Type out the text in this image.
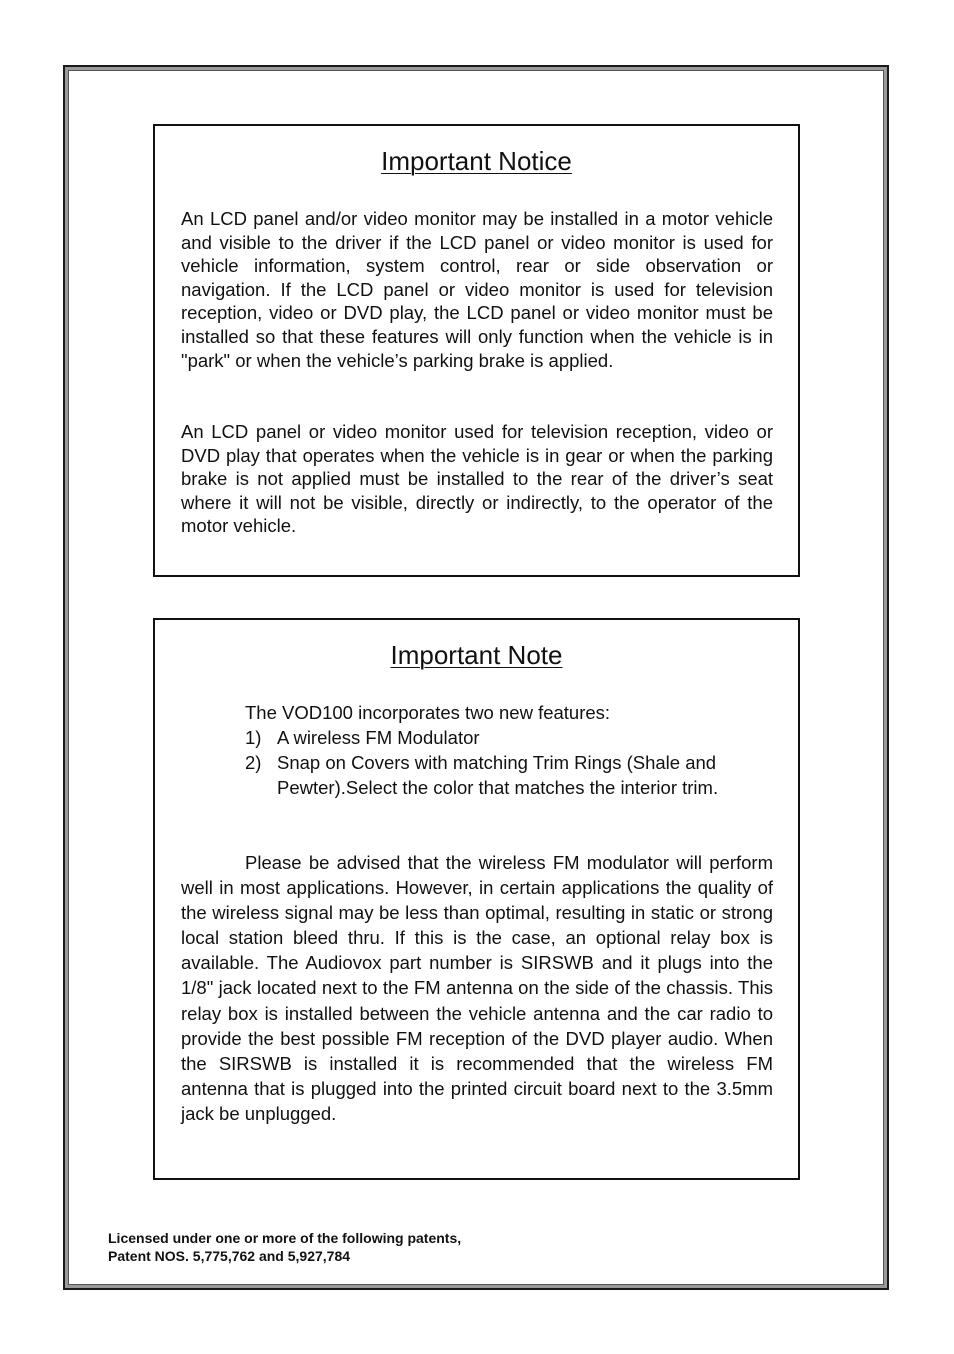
Important Notice

An LCD panel and/or video monitor may be installed in a motor vehicle and visible to the driver if the LCD panel or video monitor is used for vehicle information, system control, rear or side observation or navigation. If the LCD panel or video monitor is used for television reception, video or DVD play, the LCD panel or video monitor must be installed so that these features will only function when the vehicle is in "park" or when the vehicle’s parking brake is applied.

An LCD panel or video monitor used for television reception, video or DVD play that operates when the vehicle is in gear or when the parking brake is not applied must be installed to the rear of the driver’s seat where it will not be visible, directly or indirectly, to the operator of the motor vehicle.

Important Note

The VOD100 incorporates two new features:

1) A wireless FM Modulator
2) Snap on Covers with matching Trim Rings (Shale and Pewter).Select the color that matches the interior trim.

Please be advised that the wireless FM modulator will perform well in most applications. However, in certain applications the quality of the wireless signal may be less than optimal, resulting in static or strong local station bleed thru. If this is the case, an optional relay box is available. The Audiovox part number is SIRSWB and it plugs into the 1/8" jack located next to the FM antenna on the side of the chassis. This relay box is installed between the vehicle antenna and the car radio to provide the best possible FM reception of the DVD player audio. When the SIRSWB is installed it is recommended that the wireless FM antenna that is plugged into the printed circuit board next to the 3.5mm jack be unplugged.

Licensed under one or more of the following patents,
Patent NOS. 5,775,762 and 5,927,784
